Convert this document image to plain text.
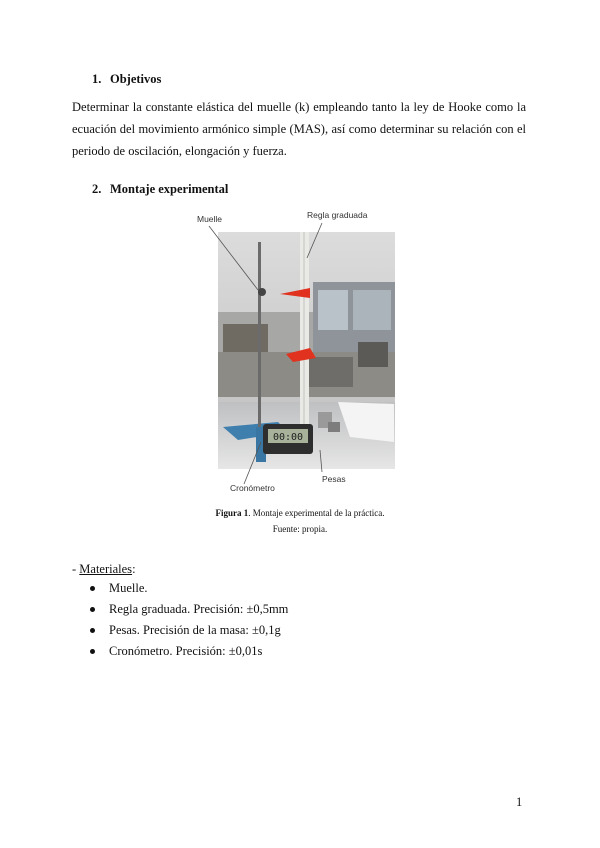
1. Objetivos
Determinar la constante elástica del muelle (k) empleando tanto la ley de Hooke como la ecuación del movimiento armónico simple (MAS), así como determinar su relación con el periodo de oscilación, elongación y fuerza.
2. Montaje experimental
Muelle	Regla graduada
00:00
Cronómetro
Pesas
Figura 1. Montaje experimental de la práctica.
Fuente: propia.
- Materiales:
Muelle.
Regla graduada. Precisión: ±0,5mm
Pesas. Precisión de la masa: ±0,1g
Cronómetro. Precisión: ±0,01s
1
